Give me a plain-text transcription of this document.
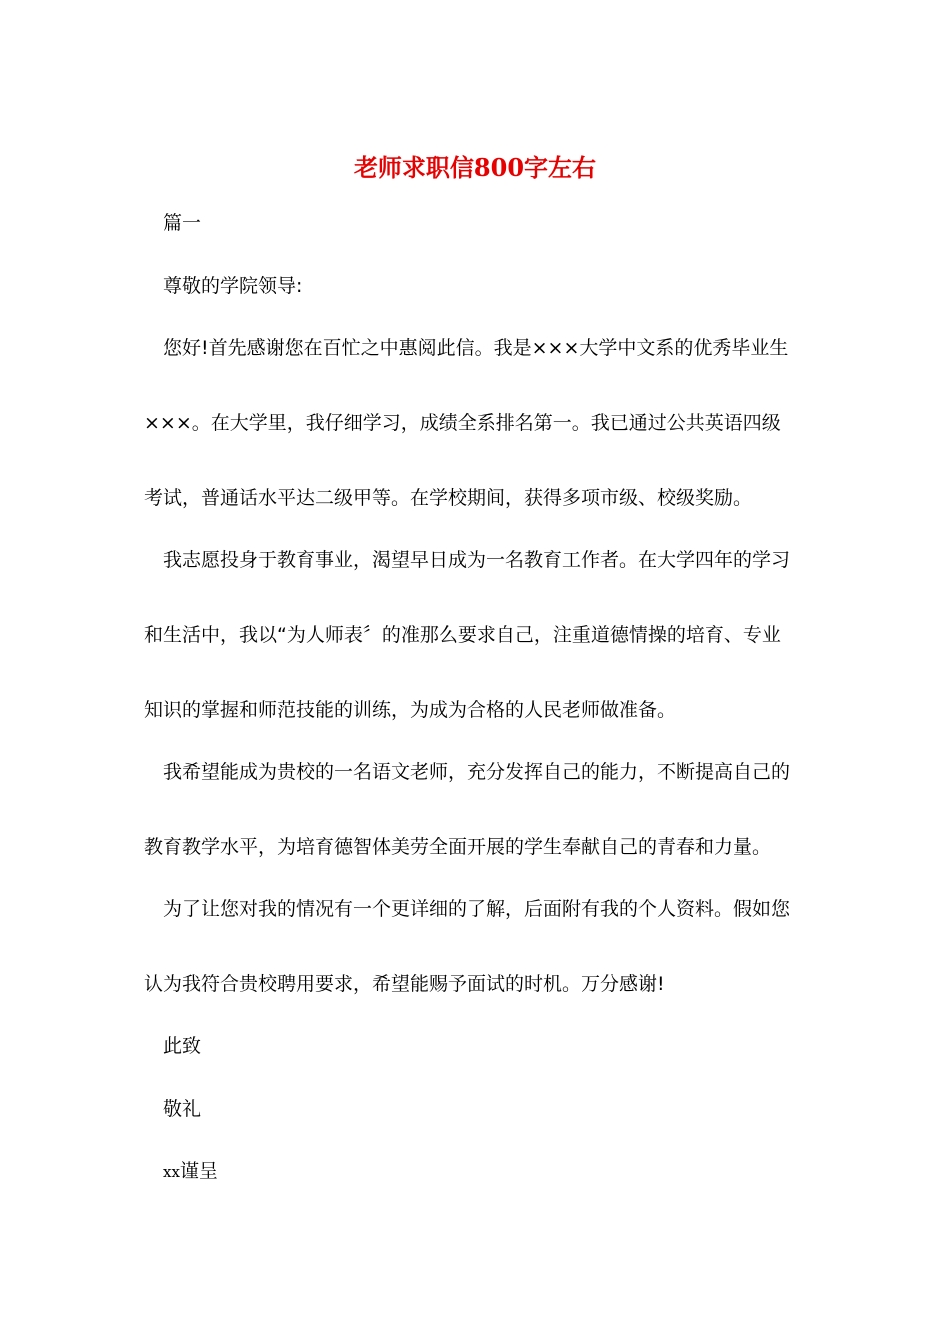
老师求职信800字左右
篇一
尊敬的学院领导:
您好!首先感谢您在百忙之中惠阅此信。我是×××大学中文系的优秀毕业生
×××。在大学里，我仔细学习，成绩全系排名第一。我已通过公共英语四级
考试，普通话水平达二级甲等。在学校期间，获得多项市级、校级奖励。
我志愿投身于教育事业，渴望早日成为一名教育工作者。在大学四年的学习
和生活中，我以“为人师表〞的准那么要求自己，注重道德情操的培育、专业
知识的掌握和师范技能的训练，为成为合格的人民老师做准备。
我希望能成为贵校的一名语文老师，充分发挥自己的能力，不断提高自己的
教育教学水平，为培育德智体美劳全面开展的学生奉献自己的青春和力量。
为了让您对我的情况有一个更详细的了解，后面附有我的个人资料。假如您
认为我符合贵校聘用要求，希望能赐予面试的时机。万分感谢!
此致
敬礼
xx谨呈
